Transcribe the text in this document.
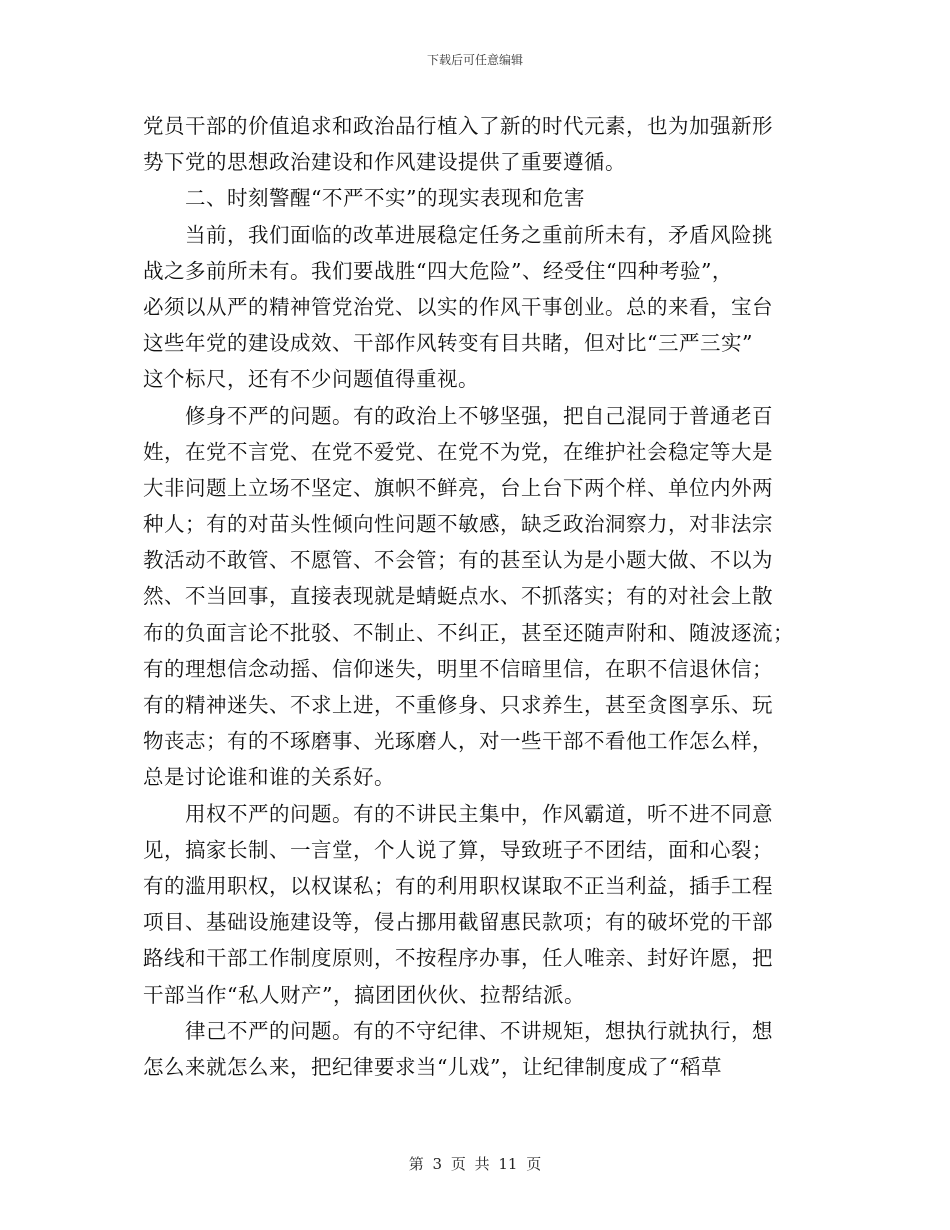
下载后可任意编辑
党员干部的价值追求和政治品行植入了新的时代元素，也为加强新形
势下党的思想政治建设和作风建设提供了重要遵循。
二、时刻警醒“不严不实”的现实表现和危害
当前，我们面临的改革进展稳定任务之重前所未有，矛盾风险挑
战之多前所未有。我们要战胜“四大危险”、经受住“四种考验”，
必须以从严的精神管党治党、以实的作风干事创业。总的来看，宝台
这些年党的建设成效、干部作风转变有目共睹，但对比“三严三实”
这个标尺，还有不少问题值得重视。
修身不严的问题。有的政治上不够坚强，把自己混同于普通老百
姓，在党不言党、在党不爱党、在党不为党，在维护社会稳定等大是
大非问题上立场不坚定、旗帜不鲜亮，台上台下两个样、单位内外两
种人；有的对苗头性倾向性问题不敏感，缺乏政治洞察力，对非法宗
教活动不敢管、不愿管、不会管；有的甚至认为是小题大做、不以为
然、不当回事，直接表现就是蜻蜓点水、不抓落实；有的对社会上散
布的负面言论不批驳、不制止、不纠正，甚至还随声附和、随波逐流；
有的理想信念动摇、信仰迷失，明里不信暗里信，在职不信退休信；
有的精神迷失、不求上进，不重修身、只求养生，甚至贪图享乐、玩
物丧志；有的不琢磨事、光琢磨人，对一些干部不看他工作怎么样，
总是讨论谁和谁的关系好。
用权不严的问题。有的不讲民主集中，作风霸道，听不进不同意
见，搞家长制、一言堂，个人说了算，导致班子不团结，面和心裂；
有的滥用职权，以权谋私；有的利用职权谋取不正当利益，插手工程
项目、基础设施建设等，侵占挪用截留惠民款项；有的破坏党的干部
路线和干部工作制度原则，不按程序办事，任人唯亲、封好许愿，把
干部当作“私人财产”，搞团团伙伙、拉帮结派。
律己不严的问题。有的不守纪律、不讲规矩，想执行就执行，想
怎么来就怎么来，把纪律要求当“儿戏”，让纪律制度成了“稻草
第 3 页 共 11 页
